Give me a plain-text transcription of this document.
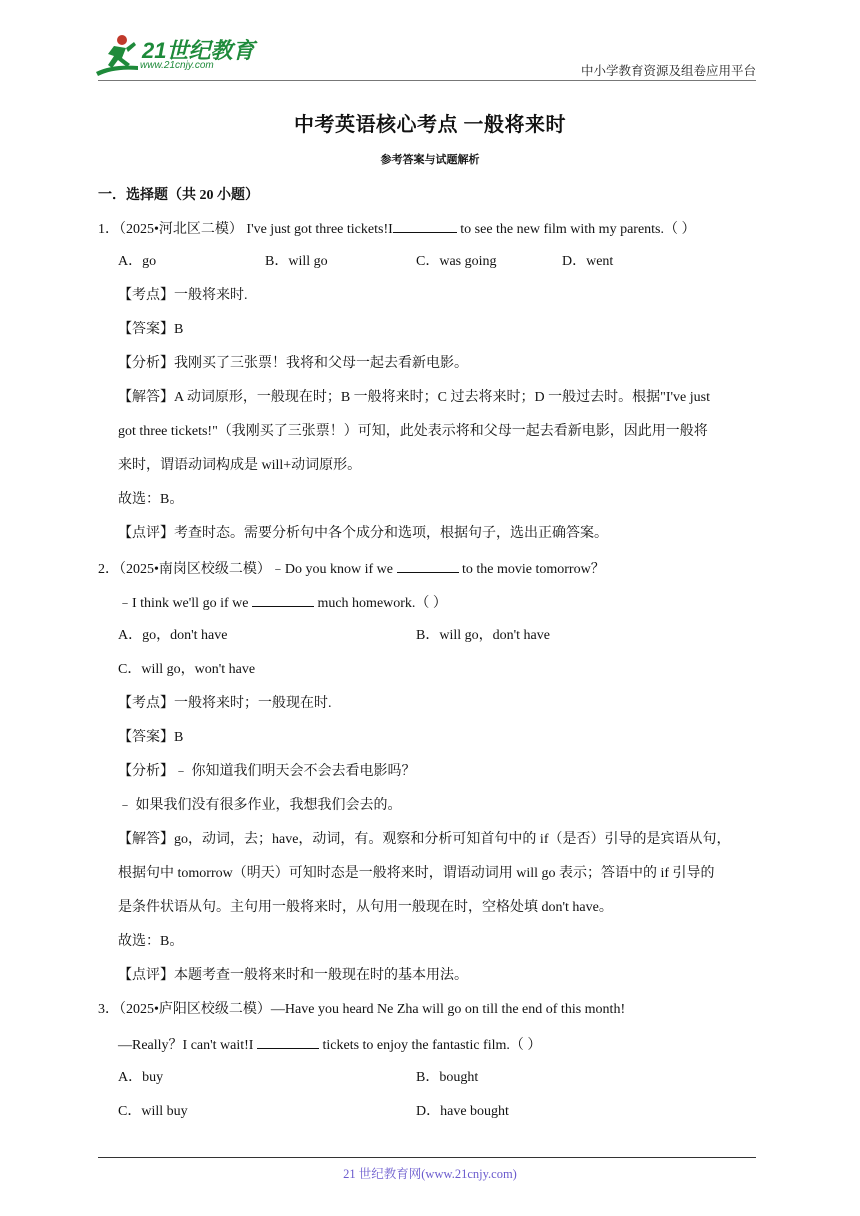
21世纪教育
www.21cnjy.com	中小学教育资源及组卷应用平台
中考英语核心考点 一般将来时
参考答案与试题解析
一．选择题（共 20 小题）
1．（2025•河北区二模） I've just got three tickets!I	to see the new film with my parents.（ ）
A．go	B．will go	C．was going	D．went
【考点】一般将来时.
【答案】B
【分析】我刚买了三张票！我将和父母一起去看新电影。
【解答】A 动词原形，一般现在时；B 一般将来时；C 过去将来时；D 一般过去时。根据"I've just
got three tickets!"（我刚买了三张票！）可知，此处表示将和父母一起去看新电影，因此用一般将
来时，谓语动词构成是 will+动词原形。
故选：B。
【点评】考查时态。需要分析句中各个成分和选项，根据句子，选出正确答案。
2．（2025•南岗区校级二模）﹣Do you know if we	to the movie tomorrow？
﹣I think we'll go if we	much homework.（ ）
A．go，don't have	B．will go，don't have
C．will go，won't have
【考点】一般将来时；一般现在时.
【答案】B
【分析】﹣ 你知道我们明天会不会去看电影吗？
﹣ 如果我们没有很多作业，我想我们会去的。
【解答】go，动词，去；have，动词，有。观察和分析可知首句中的 if（是否）引导的是宾语从句，
根据句中 tomorrow（明天）可知时态是一般将来时，谓语动词用 will go 表示；答语中的 if 引导的
是条件状语从句。主句用一般将来时，从句用一般现在时，空格处填 don't have。
故选：B。
【点评】本题考查一般将来时和一般现在时的基本用法。
3．（2025•庐阳区校级二模）—Have you heard Ne Zha will go on till the end of this month!
—Really？I can't wait!I	tickets to enjoy the fantastic film.（ ）
A．buy	B．bought
C．will buy	D．have bought
21 世纪教育网(www.21cnjy.com)
